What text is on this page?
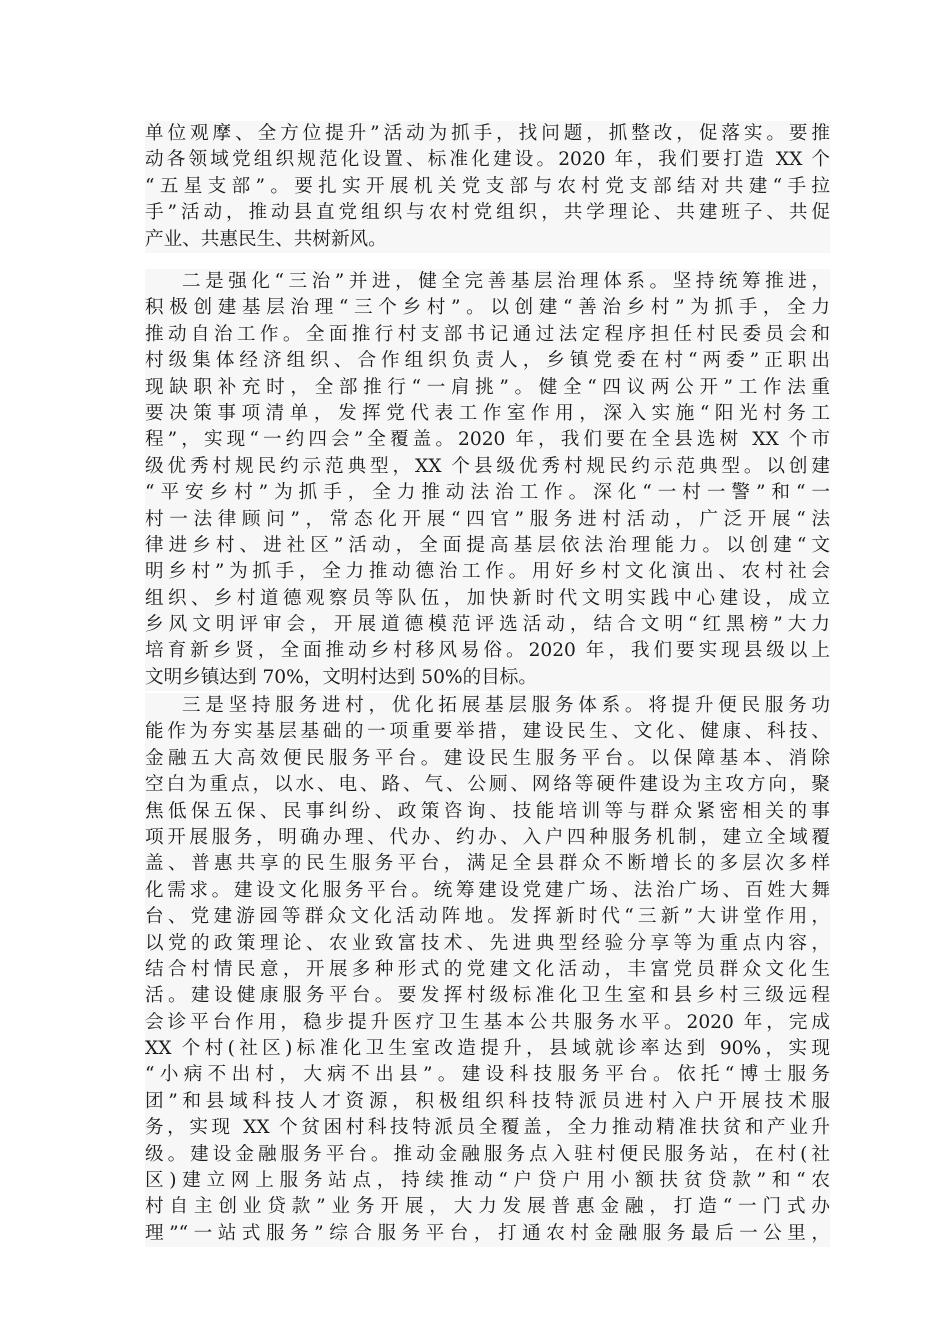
单位观摩、全方位提升”活动为抓手，找问题，抓整改，促落实。要推
动各领域党组织规范化设置、标准化建设。2020 年，我们要打造 XX 个
“五星支部”。要扎实开展机关党支部与农村党支部结对共建“手拉
手”活动，推动县直党组织与农村党组织，共学理论、共建班子、共促
产业、共惠民生、共树新风。
二是强化“三治”并进，健全完善基层治理体系。坚持统筹推进，
积极创建基层治理“三个乡村”。以创建“善治乡村”为抓手，全力
推动自治工作。全面推行村支部书记通过法定程序担任村民委员会和
村级集体经济组织、合作组织负责人，乡镇党委在村“两委”正职出
现缺职补充时，全部推行“一肩挑”。健全“四议两公开”工作法重
要决策事项清单，发挥党代表工作室作用，深入实施“阳光村务工
程”，实现“一约四会”全覆盖。2020 年，我们要在全县选树 XX 个市
级优秀村规民约示范典型，XX 个县级优秀村规民约示范典型。以创建
“平安乡村”为抓手，全力推动法治工作。深化“一村一警”和“一
村一法律顾问”，常态化开展“四官”服务进村活动，广泛开展“法
律进乡村、进社区”活动，全面提高基层依法治理能力。以创建“文
明乡村”为抓手，全力推动德治工作。用好乡村文化演出、农村社会
组织、乡村道德观察员等队伍，加快新时代文明实践中心建设，成立
乡风文明评审会，开展道德模范评选活动，结合文明“红黑榜”大力
培育新乡贤，全面推动乡村移风易俗。2020 年，我们要实现县级以上
文明乡镇达到 70%，文明村达到 50%的目标。
三是坚持服务进村，优化拓展基层服务体系。将提升便民服务功
能作为夯实基层基础的一项重要举措，建设民生、文化、健康、科技、
金融五大高效便民服务平台。建设民生服务平台。以保障基本、消除
空白为重点，以水、电、路、气、公厕、网络等硬件建设为主攻方向，聚
焦低保五保、民事纠纷、政策咨询、技能培训等与群众紧密相关的事
项开展服务，明确办理、代办、约办、入户四种服务机制，建立全域覆
盖、普惠共享的民生服务平台，满足全县群众不断增长的多层次多样
化需求。建设文化服务平台。统筹建设党建广场、法治广场、百姓大舞
台、党建游园等群众文化活动阵地。发挥新时代“三新”大讲堂作用，
以党的政策理论、农业致富技术、先进典型经验分享等为重点内容，
结合村情民意，开展多种形式的党建文化活动，丰富党员群众文化生
活。建设健康服务平台。要发挥村级标准化卫生室和县乡村三级远程
会诊平台作用，稳步提升医疗卫生基本公共服务水平。2020 年，完成
XX 个村(社区)标准化卫生室改造提升，县域就诊率达到 90%，实现
“小病不出村，大病不出县”。建设科技服务平台。依托“博士服务
团”和县域科技人才资源，积极组织科技特派员进村入户开展技术服
务，实现 XX 个贫困村科技特派员全覆盖，全力推动精准扶贫和产业升
级。建设金融服务平台。推动金融服务点入驻村便民服务站，在村(社
区)建立网上服务站点，持续推动“户贷户用小额扶贫贷款”和“农
村自主创业贷款”业务开展，大力发展普惠金融，打造“一门式办
理”“一站式服务”综合服务平台，打通农村金融服务最后一公里，
